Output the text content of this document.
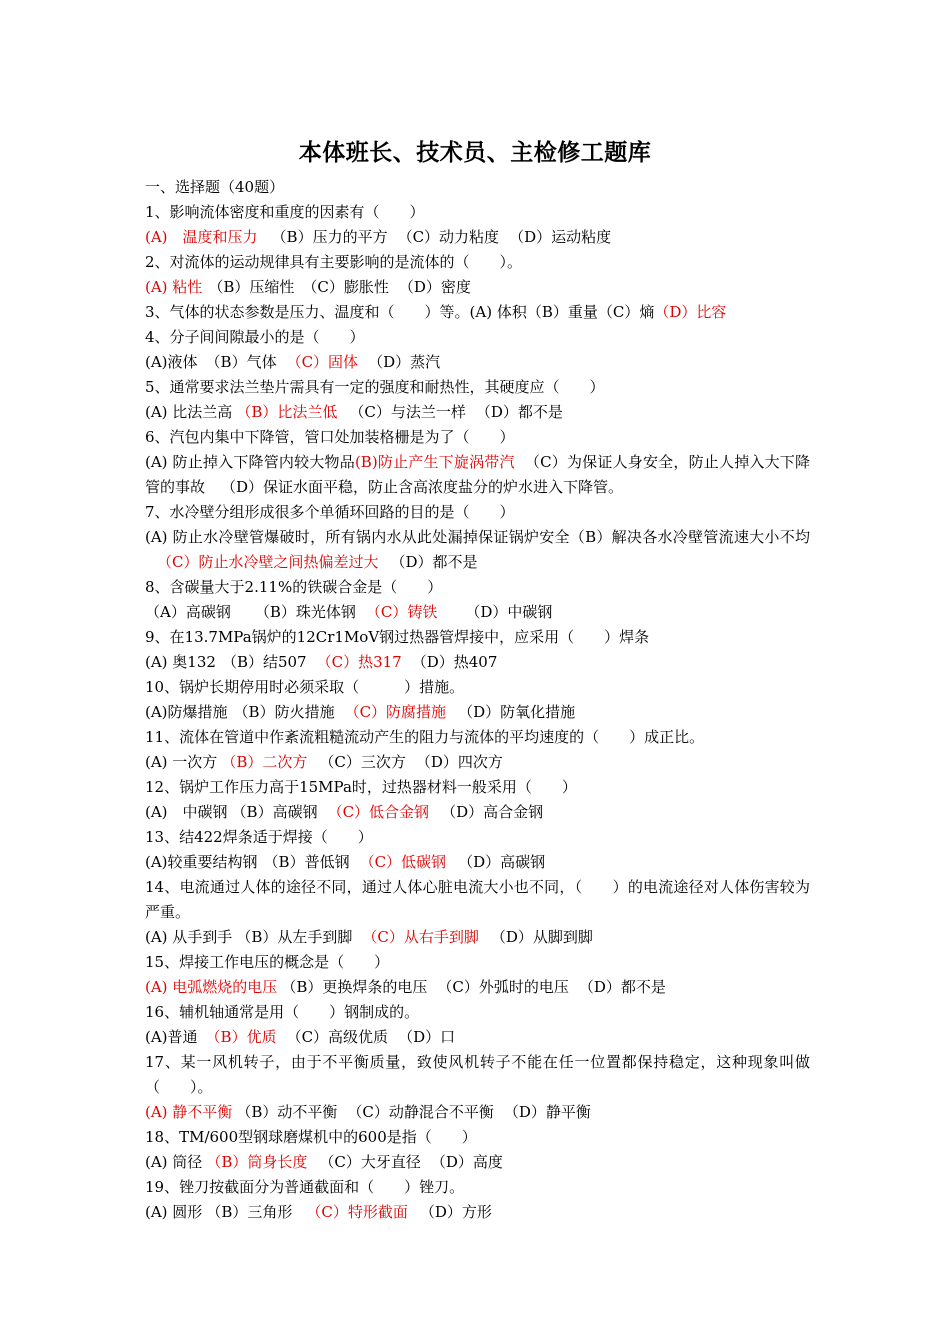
本体班长、技术员、主检修工题库
一、选择题（40题）
1、影响流体密度和重度的因素有（　　）
(A)　温度和压力 （B）压力的平方 （C）动力粘度 （D）运动粘度
2、对流体的运动规律具有主要影响的是流体的（　　）。
(A) 粘性 （B）压缩性 （C）膨胀性 （D）密度
3、气体的状态参数是压力、温度和（　　）等。(A) 体积（B）重量（C）熵（D）比容
4、分子间间隙最小的是（　　）
(A)液体 （B）气体 （C）固体 （D）蒸汽
5、通常要求法兰垫片需具有一定的强度和耐热性，其硬度应（　　）
(A) 比法兰高 （B）比法兰低 （C）与法兰一样 （D）都不是
6、汽包内集中下降管，管口处加装格栅是为了（　　）
(A) 防止掉入下降管内较大物品(B)防止产生下旋涡带汽 （C）为保证人身安全，防止人掉入大下降管的事故 （D）保证水面平稳，防止含高浓度盐分的炉水进入下降管。
7、水冷壁分组形成很多个单循环回路的目的是（　　）
(A) 防止水冷壁管爆破时，所有锅内水从此处漏掉保证锅炉安全（B）解决各水冷壁管流速大小不均（C）防止水冷壁之间热偏差过大 （D）都不是
8、含碳量大于2.11%的铁碳合金是（　　）
（A）高碳钢 （B）珠光体钢 （C）铸铁 （D）中碳钢
9、在13.7MPa锅炉的12Cr1MoV钢过热器管焊接中，应采用（　　）焊条
(A) 奥132 （B）结507 （C）热317 （D）热407
10、锅炉长期停用时必须采取（　　　）措施。
(A)防爆措施 （B）防火措施 （C）防腐措施 （D）防氧化措施
11、流体在管道中作紊流粗糙流动产生的阻力与流体的平均速度的（　　）成正比。
(A) 一次方 （B）二次方 （C）三次方 （D）四次方
12、锅炉工作压力高于15MPa时，过热器材料一般采用（　　）
(A)　中碳钢 （B）高碳钢 （C）低合金钢 （D）高合金钢
13、结422焊条适于焊接（　　）
(A)较重要结构钢 （B）普低钢 （C）低碳钢 （D）高碳钢
14、电流通过人体的途径不同，通过人体心脏电流大小也不同，（　　）的电流途径对人体伤害较为严重。
(A) 从手到手 （B）从左手到脚 （C）从右手到脚 （D）从脚到脚
15、焊接工作电压的概念是（　　）
(A) 电弧燃烧的电压 （B）更换焊条的电压 （C）外弧时的电压 （D）都不是
16、辅机轴通常是用（　　）钢制成的。
(A)普通 （B）优质 （C）高级优质 （D）口
17、某一风机转子，由于不平衡质量，致使风机转子不能在任一位置都保持稳定，这种现象叫做（　　）。
(A) 静不平衡 （B）动不平衡 （C）动静混合不平衡 （D）静平衡
18、TM/600型钢球磨煤机中的600是指（　　）
(A) 筒径 （B）筒身长度 （C）大牙直径 （D）高度
19、锉刀按截面分为普通截面和（　　）锉刀。
(A) 圆形 （B）三角形 （C）特形截面 （D）方形
